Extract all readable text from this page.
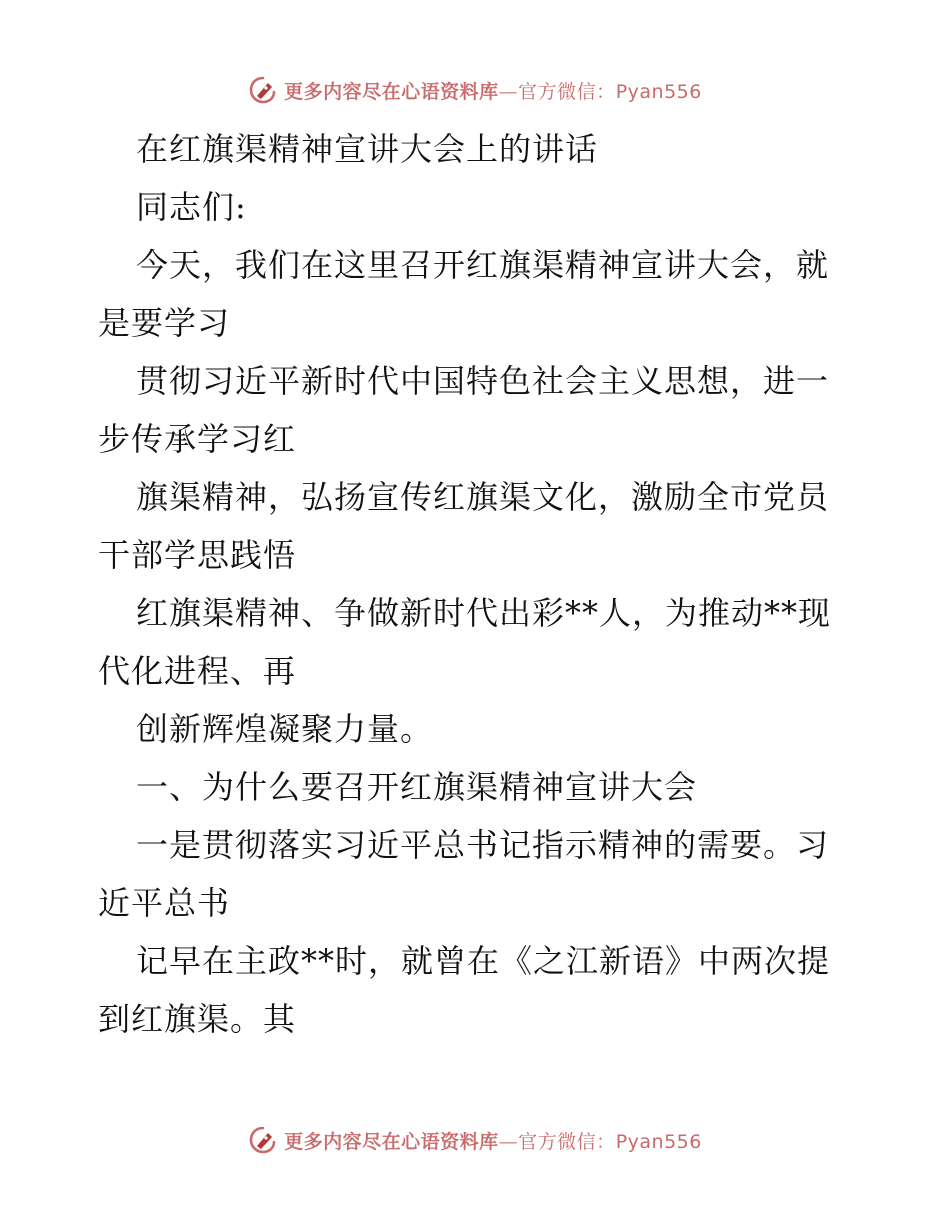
更多内容尽在心语资料库—官方微信：Pyan556
在红旗渠精神宣讲大会上的讲话
同志们:
今天，我们在这里召开红旗渠精神宣讲大会，就
是要学习
贯彻习近平新时代中国特色社会主义思想，进一
步传承学习红
旗渠精神，弘扬宣传红旗渠文化，激励全市党员
干部学思践悟
红旗渠精神、争做新时代出彩**人，为推动**现
代化进程、再
创新辉煌凝聚力量。
一、为什么要召开红旗渠精神宣讲大会
一是贯彻落实习近平总书记指示精神的需要。习
近平总书
记早在主政**时，就曾在《之江新语》中两次提
到红旗渠。其
更多内容尽在心语资料库—官方微信：Pyan556
